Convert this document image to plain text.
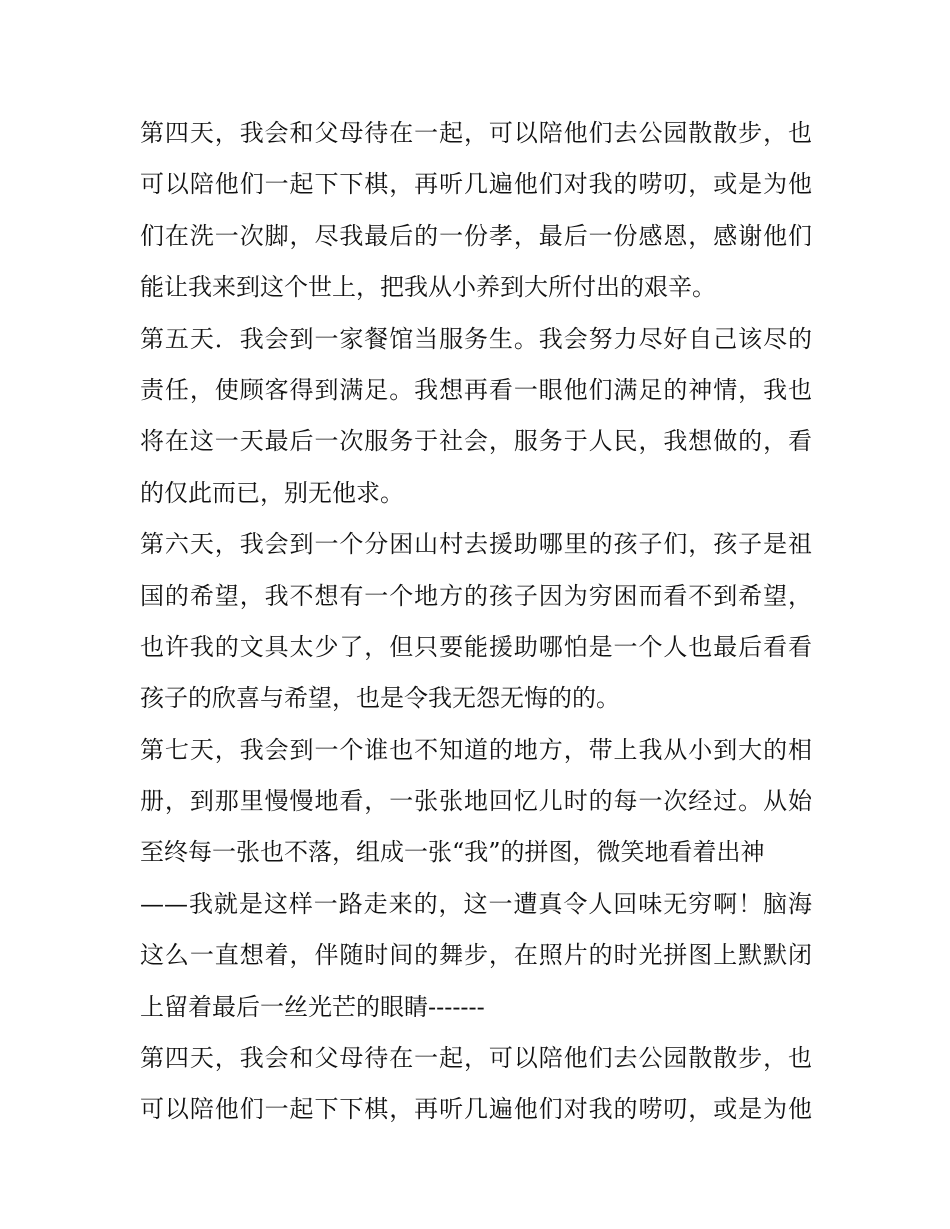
第四天，我会和父母待在一起，可以陪他们去公园散散步，也
可以陪他们一起下下棋，再听几遍他们对我的唠叨，或是为他
们在洗一次脚，尽我最后的一份孝，最后一份感恩，感谢他们
能让我来到这个世上，把我从小养到大所付出的艰辛。
第五天．我会到一家餐馆当服务生。我会努力尽好自己该尽的
责任，使顾客得到满足。我想再看一眼他们满足的神情，我也
将在这一天最后一次服务于社会，服务于人民，我想做的，看
的仅此而已，别无他求。
第六天，我会到一个分困山村去援助哪里的孩子们，孩子是祖
国的希望，我不想有一个地方的孩子因为穷困而看不到希望，
也许我的文具太少了，但只要能援助哪怕是一个人也最后看看
孩子的欣喜与希望，也是令我无怨无悔的的。
第七天，我会到一个谁也不知道的地方，带上我从小到大的相
册，到那里慢慢地看，一张张地回忆儿时的每一次经过。从始
至终每一张也不落，组成一张“我”的拼图，微笑地看着出神
——我就是这样一路走来的，这一遭真令人回味无穷啊！脑海
这么一直想着，伴随时间的舞步，在照片的时光拼图上默默闭
上留着最后一丝光芒的眼睛-------
第四天，我会和父母待在一起，可以陪他们去公园散散步，也
可以陪他们一起下下棋，再听几遍他们对我的唠叨，或是为他
